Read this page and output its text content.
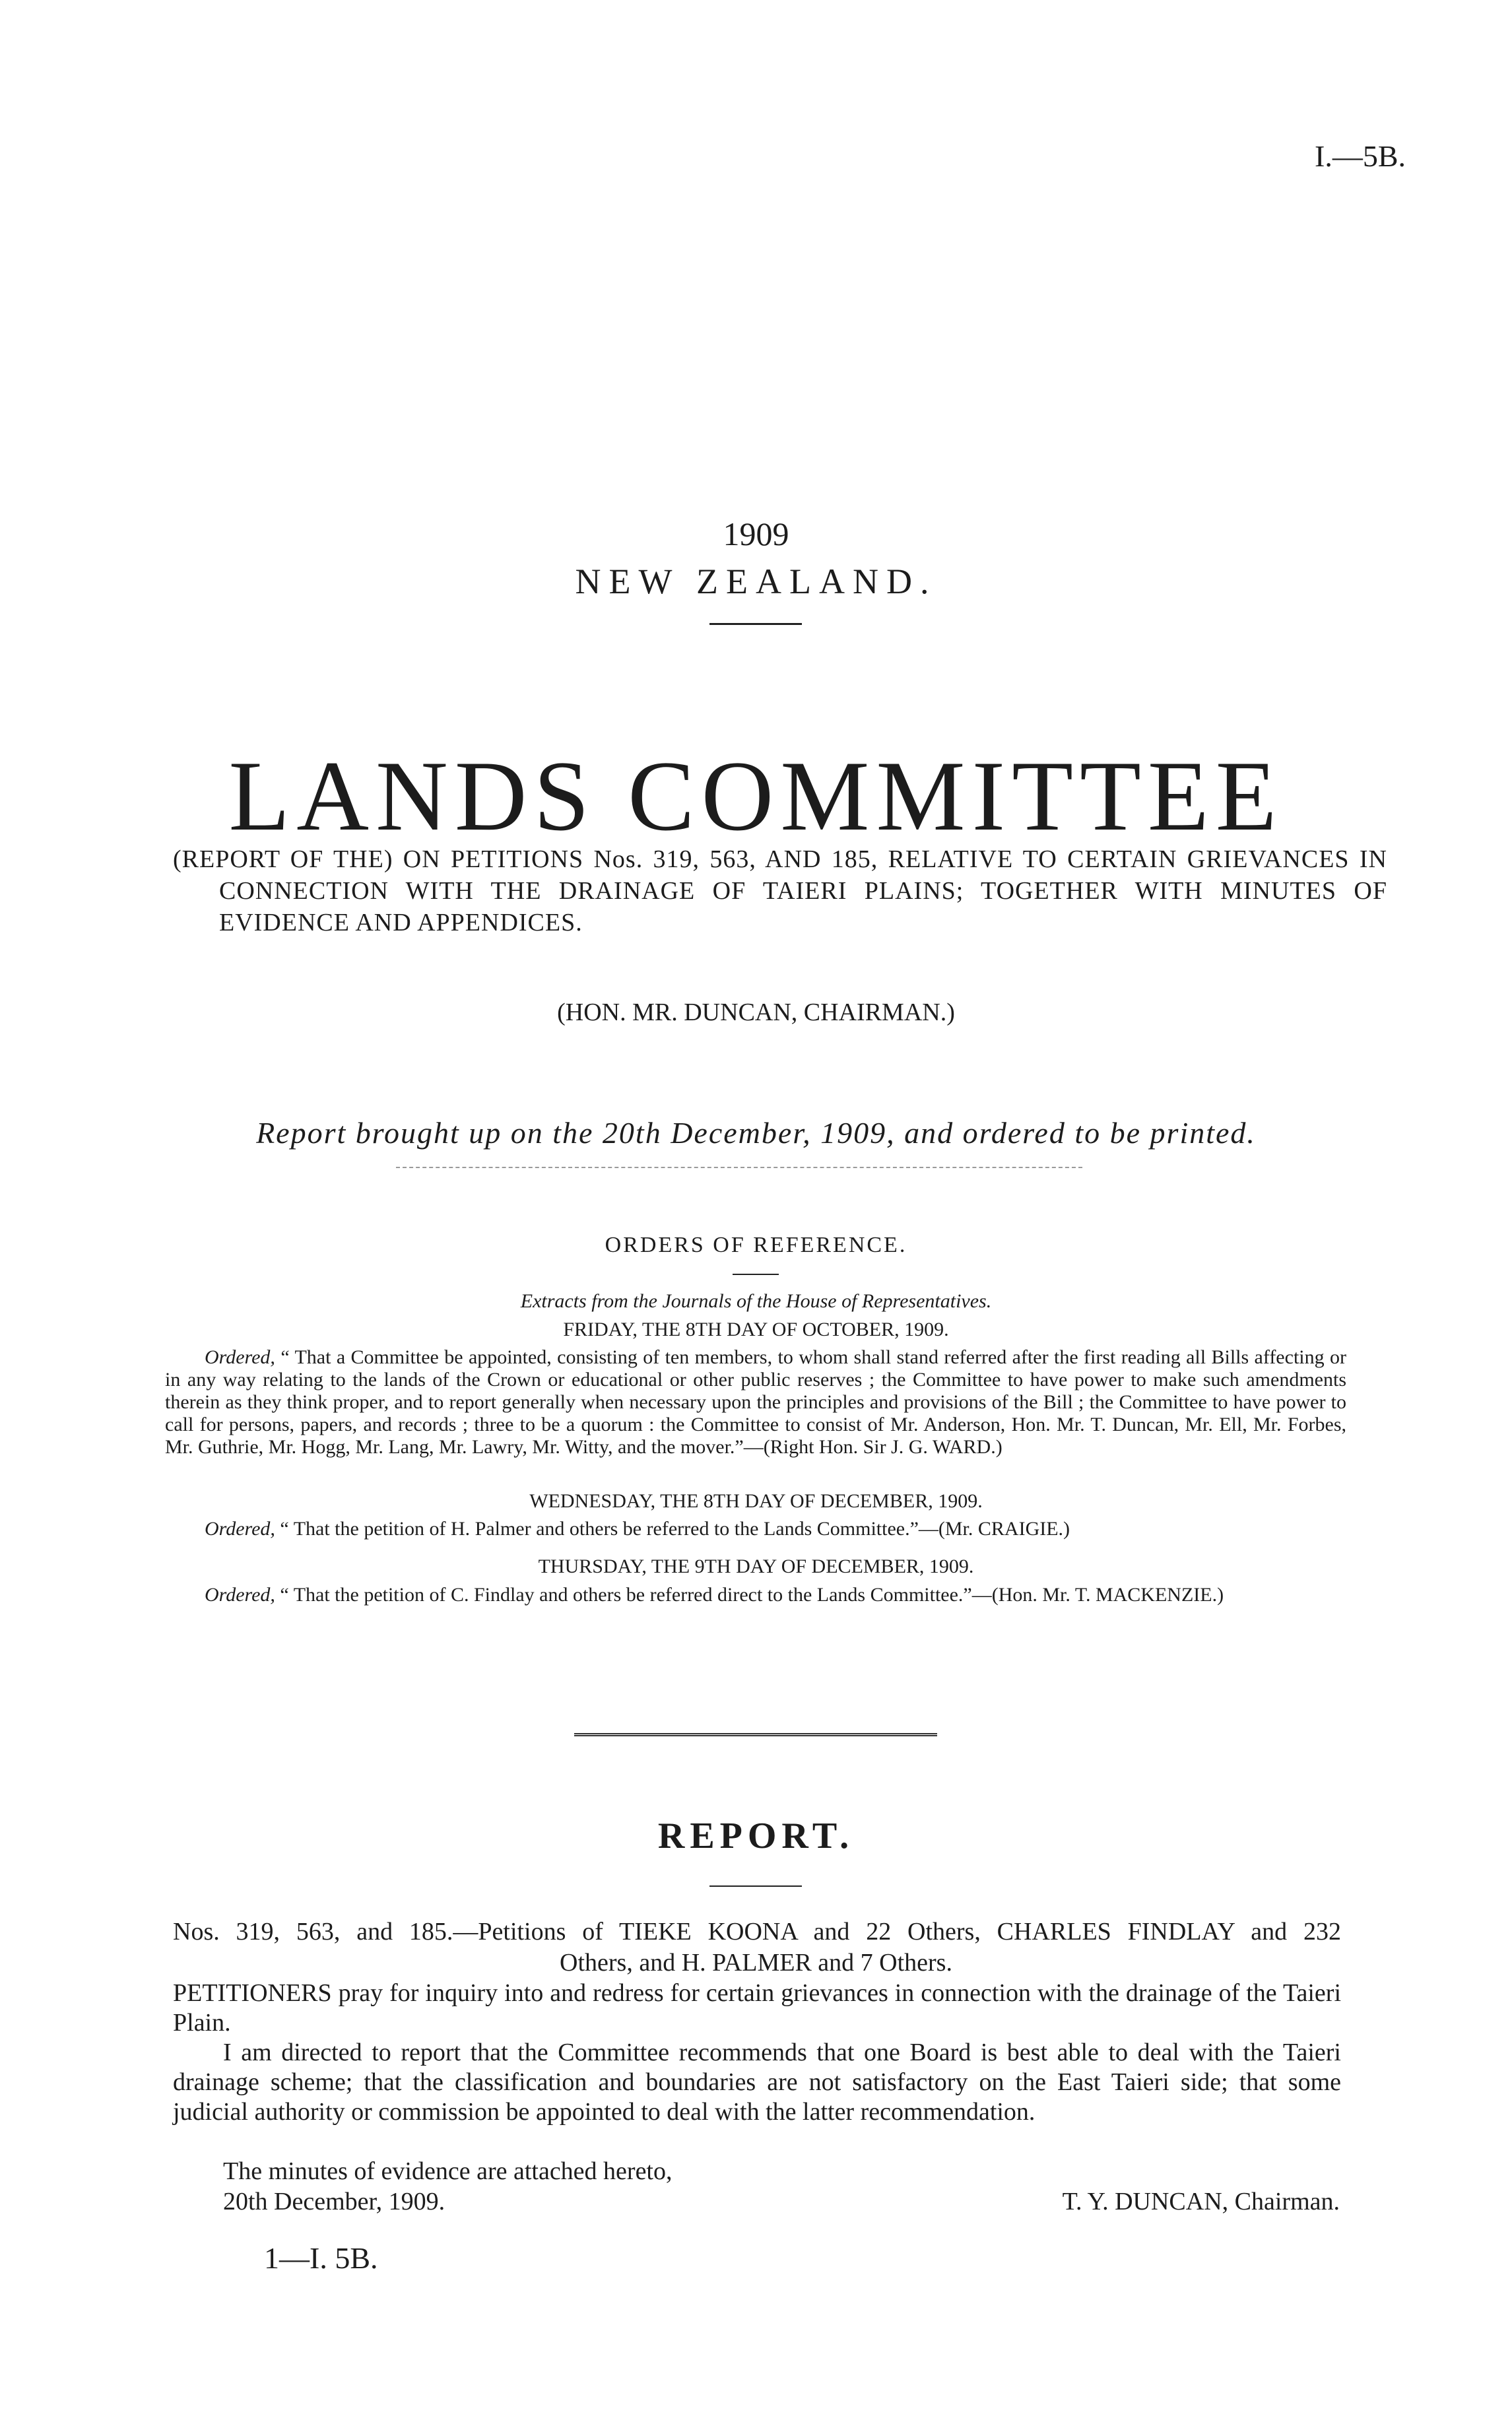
I.—5B.
1909
NEW ZEALAND.
LANDS COMMITTEE
(REPORT OF THE) ON PETITIONS Nos. 319, 563, AND 185, RELATIVE TO CERTAIN GRIEVANCES IN CONNECTION WITH THE DRAINAGE OF TAIERI PLAINS; TOGETHER WITH MINUTES OF EVIDENCE AND APPENDICES.
(HON. MR. DUNCAN, CHAIRMAN.)
Report brought up on the 20th December, 1909, and ordered to be printed.
ORDERS OF REFERENCE.
Extracts from the Journals of the House of Representatives.
FRIDAY, THE 8TH DAY OF OCTOBER, 1909.
Ordered, “ That a Committee be appointed, consisting of ten members, to whom shall stand referred after the first reading all Bills affecting or in any way relating to the lands of the Crown or educational or other public reserves ; the Committee to have power to make such amendments therein as they think proper, and to report generally when necessary upon the principles and provisions of the Bill ; the Committee to have power to call for persons, papers, and records ; three to be a quorum : the Committee to consist of Mr. Anderson, Hon. Mr. T. Duncan, Mr. Ell, Mr. Forbes, Mr. Guthrie, Mr. Hogg, Mr. Lang, Mr. Lawry, Mr. Witty, and the mover.”—(Right Hon. Sir J. G. WARD.)
WEDNESDAY, THE 8TH DAY OF DECEMBER, 1909.
Ordered, “ That the petition of H. Palmer and others be referred to the Lands Committee.”—(Mr. CRAIGIE.)
THURSDAY, THE 9TH DAY OF DECEMBER, 1909.
Ordered, “ That the petition of C. Findlay and others be referred direct to the Lands Committee.”—(Hon. Mr. T. MACKENZIE.)
REPORT.
Nos. 319, 563, and 185.—Petitions of TIEKE KOONA and 22 Others, CHARLES FINDLAY and 232
Others, and H. PALMER and 7 Others.
PETITIONERS pray for inquiry into and redress for certain grievances in connection with the drainage of the Taieri Plain.
I am directed to report that the Committee recommends that one Board is best able to deal with the Taieri drainage scheme; that the classification and boundaries are not satisfactory on the East Taieri side; that some judicial authority or commission be appointed to deal with the latter recommendation.
The minutes of evidence are attached hereto,
20th December, 1909.	T. Y. DUNCAN, Chairman.
1—I. 5B.
